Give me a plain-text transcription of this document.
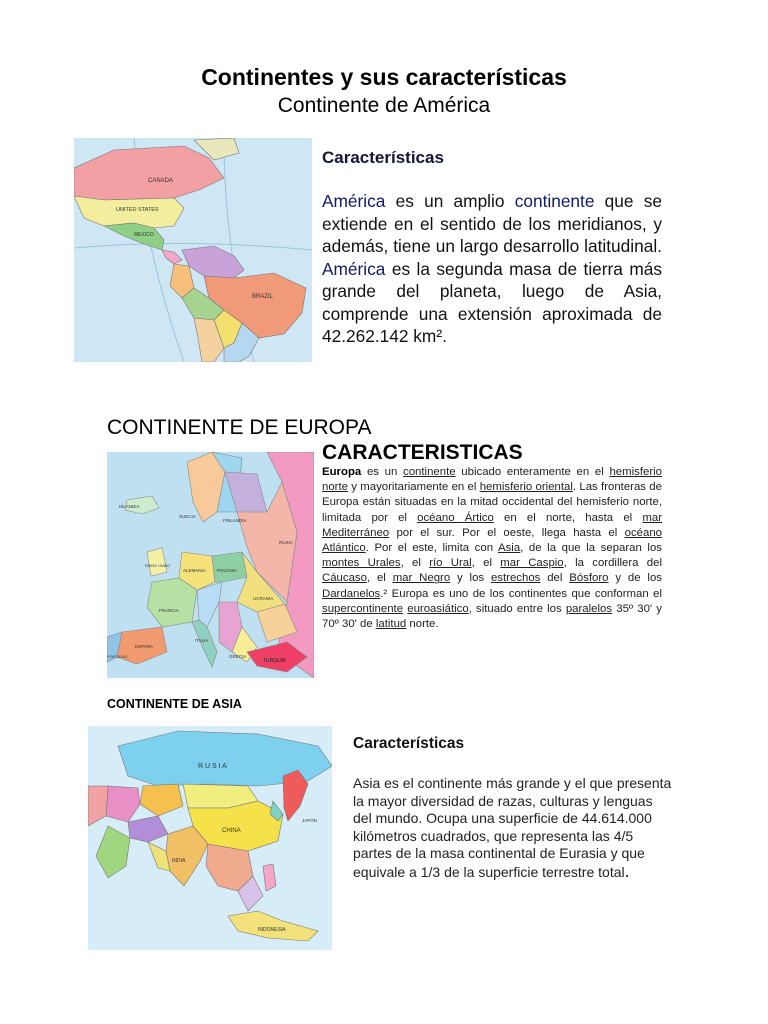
Continentes y sus características
Continente de América
CANADA
UNITED STATES
MEXICO
BRAZIL
Características
América es un amplio continente que se extiende en el sentido de los meridianos, y además, tiene un largo desarrollo latitudinal. América es la segunda masa de tierra más grande del planeta, luego de Asia, comprende una extensión aproximada de 42.262.142 km².
CONTINENTE DE EUROPA
CARACTERISTICAS
ISLANDIA
SUECIA
FINLANDIA
RUSIA
ALEMANIA POLONIA
UCRANIA
FRANCIA
ESPAÑA
PORTUGAL
ITALIA
GRECIA
TURQUIA
REINO UNIDO
Europa es un continente ubicado enteramente en el hemisferio norte y mayoritariamente en el hemisferio oriental. Las fronteras de Europa están situadas en la mitad occidental del hemisferio norte, limitada por el océano Ártico en el norte, hasta el mar Mediterráneo por el sur. Por el oeste, llega hasta el océano Atlántico. Por el este, limita con Asia, de la que la separan los montes Urales, el río Ural, el mar Caspio, la cordillera del Cáucaso, el mar Negro y los estrechos del Bósforo y de los Dardanelos.² Europa es uno de los continentes que conforman el supercontinente euroasiático, situado entre los paralelos 35º 30' y 70º 30' de latitud norte.
CONTINENTE DE ASIA
R U S I A
CHINA
INDIA
JAPÓN
INDONESIA
Características
Asia es el continente más grande y el que presenta la mayor diversidad de razas, culturas y lenguas del mundo. Ocupa una superficie de 44.614.000 kilómetros cuadrados, que representa las 4/5 partes de la masa continental de Eurasia y que equivale a 1/3 de la superficie terrestre total.
